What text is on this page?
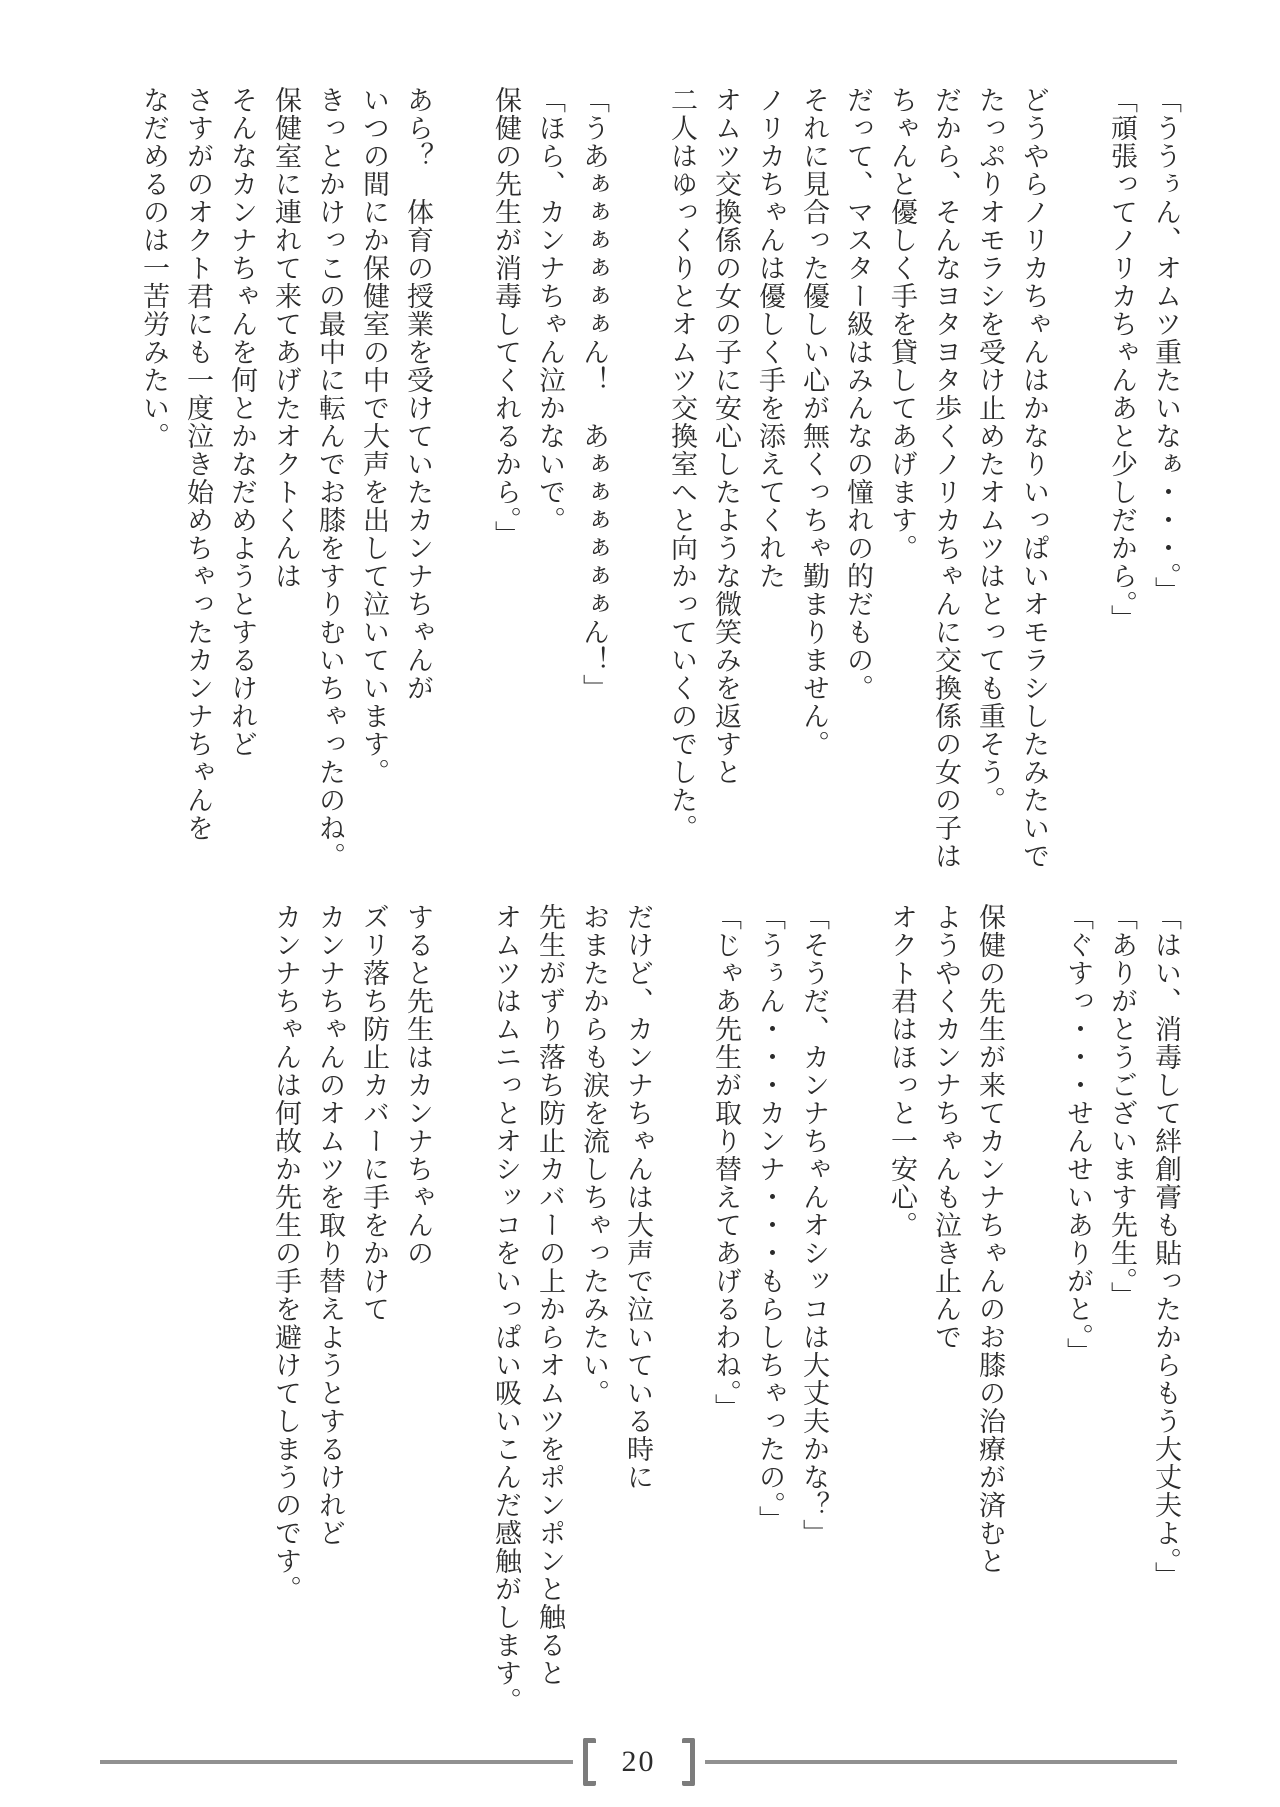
「ううぅん、オムツ重たいなぁ・・・。」
「頑張ってノリカちゃんあと少しだから。」

どうやらノリカちゃんはかなりいっぱいオモラシしたみたいで
たっぷりオモラシを受け止めたオムツはとっても重そう。
だから、そんなヨタヨタ歩くノリカちゃんに交換係の女の子は
ちゃんと優しく手を貸してあげます。
だって、マスター級はみんなの憧れの的だもの。
それに見合った優しい心が無くっちゃ勤まりません。
ノリカちゃんは優しく手を添えてくれた
オムツ交換係の女の子に安心したような微笑みを返すと
二人はゆっくりとオムツ交換室へと向かっていくのでした。

「うあぁぁぁぁぁぁん！　あぁぁぁぁぁぁん！」
「ほら、カンナちゃん泣かないで。
保健の先生が消毒してくれるから。」

あら？　体育の授業を受けていたカンナちゃんが
いつの間にか保健室の中で大声を出して泣いています。
きっとかけっこの最中に転んでお膝をすりむいちゃったのね。
保健室に連れて来てあげたオクトくんは
そんなカンナちゃんを何とかなだめようとするけれど
さすがのオクト君にも一度泣き始めちゃったカンナちゃんを
なだめるのは一苦労みたい。
「はい、消毒して絆創膏も貼ったからもう大丈夫よ。」
「ありがとうございます先生。」
「ぐすっ・・・せんせいありがと。」

保健の先生が来てカンナちゃんのお膝の治療が済むと
ようやくカンナちゃんも泣き止んで
オクト君はほっと一安心。

「そうだ、カンナちゃんオシッコは大丈夫かな？」
「うぅん・・・カンナ・・・もらしちゃったの。」
「じゃあ先生が取り替えてあげるわね。」

だけど、カンナちゃんは大声で泣いている時に
おまたからも涙を流しちゃったみたい。
先生がずり落ち防止カバーの上からオムツをポンポンと触ると
オムツはムニっとオシッコをいっぱい吸いこんだ感触がします。

すると先生はカンナちゃんの
ズリ落ち防止カバーに手をかけて
カンナちゃんのオムツを取り替えようとするけれど
カンナちゃんは何故か先生の手を避けてしまうのです。
20
